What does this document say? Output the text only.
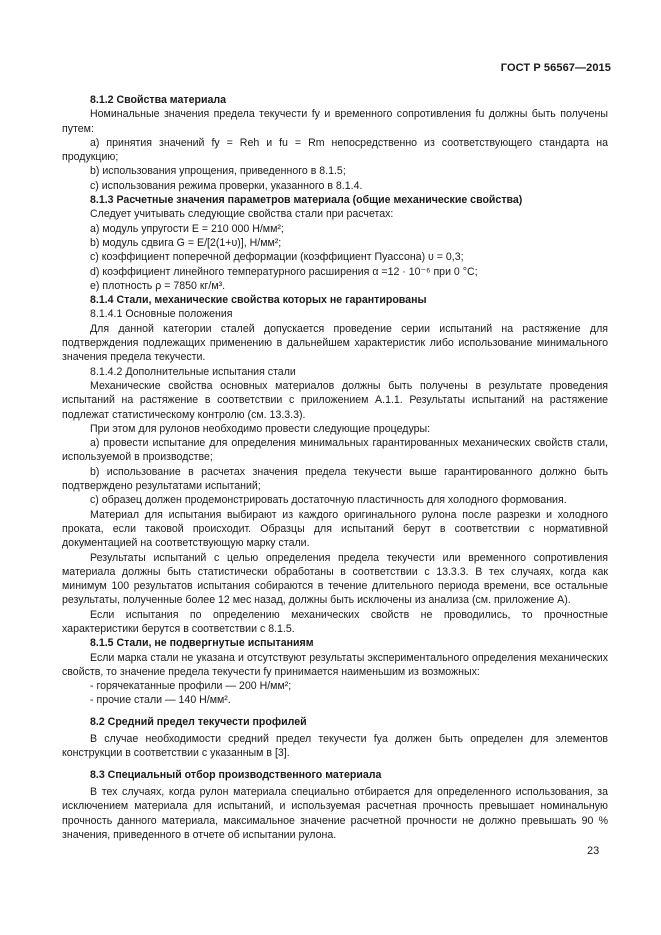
ГОСТ Р 56567—2015

8.1.2 Свойства материала

Номинальные значения предела текучести fy и временного сопротивления fu должны быть получены путем:

а) принятия значений fy = Reh и fu = Rm непосредственно из соответствующего стандарта на продукцию;

b) использования упрощения, приведенного в 8.1.5;

с) использования режима проверки, указанного в 8.1.4.

8.1.3 Расчетные значения параметров материала (общие механические свойства)

Следует учитывать следующие свойства стали при расчетах:

а) модуль упругости E = 210 000 Н/мм²;

b) модуль сдвига G = E/[2(1+υ)], Н/мм²;

с) коэффициент поперечной деформации (коэффициент Пуассона) υ = 0,3;

d) коэффициент линейного температурного расширения α =12 · 10⁻⁶ при 0 °С;

е) плотность ρ = 7850 кг/м³.

8.1.4 Стали, механические свойства которых не гарантированы

8.1.4.1 Основные положения

Для данной категории сталей допускается проведение серии испытаний на растяжение для подтверждения подлежащих применению в дальнейшем характеристик либо использование минимального значения предела текучести.

8.1.4.2 Дополнительные испытания стали

Механические свойства основных материалов должны быть получены в результате проведения испытаний на растяжение в соответствии с приложением А.1.1. Результаты испытаний на растяжение подлежат статистическому контролю (см. 13.3.3).

При этом для рулонов необходимо провести следующие процедуры:

а) провести испытание для определения минимальных гарантированных механических свойств стали, используемой в производстве;

b) использование в расчетах значения предела текучести выше гарантированного должно быть подтверждено результатами испытаний;

с) образец должен продемонстрировать достаточную пластичность для холодного формования.

Материал для испытания выбирают из каждого оригинального рулона после разрезки и холодного проката, если таковой происходит. Образцы для испытаний берут в соответствии с нормативной документацией на соответствующую марку стали.

Результаты испытаний с целью определения предела текучести или временного сопротивления материала должны быть статистически обработаны в соответствии с 13.3.3. В тех случаях, когда как минимум 100 результатов испытания собираются в течение длительного периода времени, все остальные результаты, полученные более 12 мес назад, должны быть исключены из анализа (см. приложение А).

Если испытания по определению механических свойств не проводились, то прочностные характеристики берутся в соответствии с 8.1.5.

8.1.5 Стали, не подвергнутые испытаниям

Если марка стали не указана и отсутствуют результаты экспериментального определения механических свойств, то значение предела текучести fy принимается наименьшим из возможных:

- горячекатанные профили — 200 Н/мм²;

- прочие стали — 140 Н/мм².

8.2 Средний предел текучести профилей

В случае необходимости средний предел текучести fya должен быть определен для элементов конструкции в соответствии с указанным в [3].

8.3 Специальный отбор производственного материала

В тех случаях, когда рулон материала специально отбирается для определенного использования, за исключением материала для испытаний, и используемая расчетная прочность превышает номинальную прочность данного материала, максимальное значение расчетной прочности не должно превышать 90 % значения, приведенного в отчете об испытании рулона.

23
